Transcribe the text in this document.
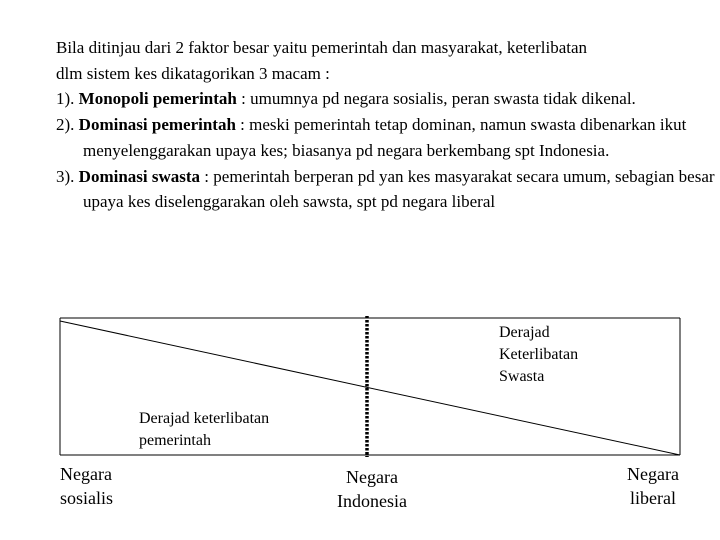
Bila ditinjau dari 2 faktor besar yaitu pemerintah dan masyarakat, keterlibatan

dlm sistem kes dikatagorikan 3 macam :

1). Monopoli pemerintah : umumnya pd negara sosialis, peran swasta tidak dikenal.

2). Dominasi pemerintah : meski pemerintah tetap dominan, namun swasta dibenarkan ikut menyelenggarakan upaya kes; biasanya pd negara berkembang spt Indonesia.

3). Dominasi swasta : pemerintah berperan pd yan kes masyarakat secara umum, sebagian besar upaya kes diselenggarakan oleh sawsta, spt pd negara liberal

Derajad
Keterlibatan
Swasta
Derajad keterlibatan
pemerintah
Negara
sosialis
Negara
Indonesia
Negara
liberal
